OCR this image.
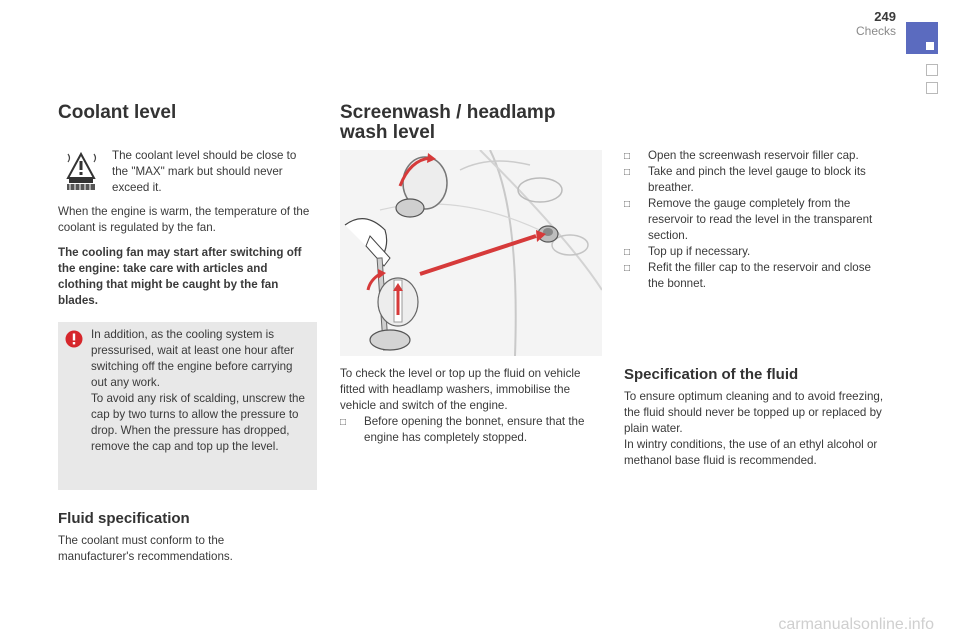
249
Checks
Coolant level
The coolant level should be close to the "MAX" mark but should never exceed it.
When the engine is warm, the temperature of the coolant is regulated by the fan.
The cooling fan may start after switching off the engine: take care with articles and clothing that might be caught by the fan blades.
In addition, as the cooling system is pressurised, wait at least one hour after switching off the engine before carrying out any work.
To avoid any risk of scalding, unscrew the cap by two turns to allow the pressure to drop. When the pressure has dropped, remove the cap and top up the level.
Fluid specification
The coolant must conform to the manufacturer's recommendations.
Screenwash / headlamp
wash level
To check the level or top up the fluid on vehicle fitted with headlamp washers, immobilise the vehicle and switch of the engine.
□ Before opening the bonnet, ensure that the engine has completely stopped.
□ Open the screenwash reservoir filler cap.
□ Take and pinch the level gauge to block its breather.
□ Remove the gauge completely from the reservoir to read the level in the transparent section.
□ Top up if necessary.
□ Refit the filler cap to the reservoir and close the bonnet.
Specification of the fluid
To ensure optimum cleaning and to avoid freezing, the fluid should never be topped up or replaced by plain water.
In wintry conditions, the use of an ethyl alcohol or methanol base fluid is recommended.
carmanualsonline.info
